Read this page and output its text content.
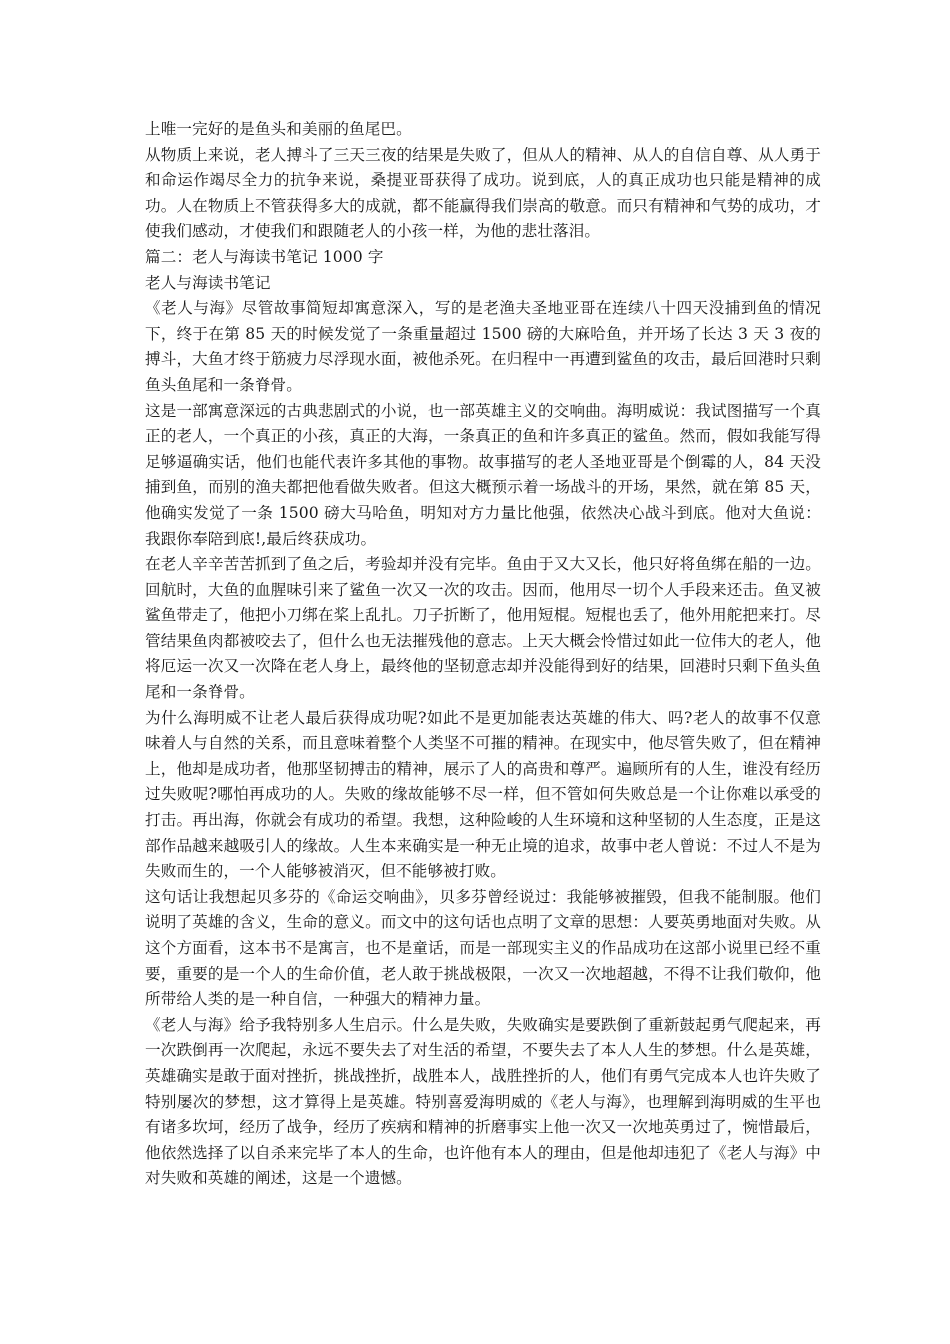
上唯一完好的是鱼头和美丽的鱼尾巴。

从物质上来说，老人搏斗了三天三夜的结果是失败了，但从人的精神、从人的自信自尊、从人勇于和命运作竭尽全力的抗争来说，桑提亚哥获得了成功。说到底，人的真正成功也只能是精神的成功。人在物质上不管获得多大的成就，都不能赢得我们崇高的敬意。而只有精神和气势的成功，才使我们感动，才使我们和跟随老人的小孩一样，为他的悲壮落泪。

篇二：老人与海读书笔记 1000 字

老人与海读书笔记

《老人与海》尽管故事简短却寓意深入，写的是老渔夫圣地亚哥在连续八十四天没捕到鱼的情况下，终于在第 85 天的时候发觉了一条重量超过 1500 磅的大麻哈鱼，并开场了长达 3 天 3 夜的搏斗，大鱼才终于筋疲力尽浮现水面，被他杀死。在归程中一再遭到鲨鱼的攻击，最后回港时只剩鱼头鱼尾和一条脊骨。

这是一部寓意深远的古典悲剧式的小说，也一部英雄主义的交响曲。海明威说：我试图描写一个真正的老人，一个真正的小孩，真正的大海，一条真正的鱼和许多真正的鲨鱼。然而，假如我能写得足够逼确实话，他们也能代表许多其他的事物。故事描写的老人圣地亚哥是个倒霉的人，84 天没捕到鱼，而别的渔夫都把他看做失败者。但这大概预示着一场战斗的开场，果然，就在第 85 天，他确实发觉了一条 1500 磅大马哈鱼，明知对方力量比他强，依然决心战斗到底。他对大鱼说：我跟你奉陪到底!,最后终获成功。

在老人辛辛苦苦抓到了鱼之后，考验却并没有完毕。鱼由于又大又长，他只好将鱼绑在船的一边。回航时，大鱼的血腥味引来了鲨鱼一次又一次的攻击。因而，他用尽一切个人手段来还击。鱼叉被鲨鱼带走了，他把小刀绑在桨上乱扎。刀子折断了，他用短棍。短棍也丢了，他外用舵把来打。尽管结果鱼肉都被咬去了，但什么也无法摧残他的意志。上天大概会怜惜过如此一位伟大的老人，他将厄运一次又一次降在老人身上，最终他的坚韧意志却并没能得到好的结果，回港时只剩下鱼头鱼尾和一条脊骨。

为什么海明威不让老人最后获得成功呢?如此不是更加能表达英雄的伟大、吗?老人的故事不仅意味着人与自然的关系，而且意味着整个人类坚不可摧的精神。在现实中，他尽管失败了，但在精神上，他却是成功者，他那坚韧搏击的精神，展示了人的高贵和尊严。遍顾所有的人生，谁没有经历过失败呢?哪怕再成功的人。失败的缘故能够不尽一样，但不管如何失败总是一个让你难以承受的打击。再出海，你就会有成功的希望。我想，这种险峻的人生环境和这种坚韧的人生态度，正是这部作品越来越吸引人的缘故。人生本来确实是一种无止境的追求，故事中老人曾说：不过人不是为失败而生的，一个人能够被消灭，但不能够被打败。

这句话让我想起贝多芬的《命运交响曲》，贝多芬曾经说过：我能够被摧毁，但我不能制服。他们说明了英雄的含义，生命的意义。而文中的这句话也点明了文章的思想：人要英勇地面对失败。从这个方面看，这本书不是寓言，也不是童话，而是一部现实主义的作品成功在这部小说里已经不重要，重要的是一个人的生命价值，老人敢于挑战极限，一次又一次地超越，不得不让我们敬仰，他所带给人类的是一种自信，一种强大的精神力量。

《老人与海》给予我特别多人生启示。什么是失败，失败确实是要跌倒了重新鼓起勇气爬起来，再一次跌倒再一次爬起，永远不要失去了对生活的希望，不要失去了本人人生的梦想。什么是英雄，英雄确实是敢于面对挫折，挑战挫折，战胜本人，战胜挫折的人，他们有勇气完成本人也许失败了特别屡次的梦想，这才算得上是英雄。特别喜爱海明威的《老人与海》，也理解到海明威的生平也有诸多坎坷，经历了战争，经历了疾病和精神的折磨事实上他一次又一次地英勇过了，惋惜最后，他依然选择了以自杀来完毕了本人的生命，也许他有本人的理由，但是他却违犯了《老人与海》中对失败和英雄的阐述，这是一个遗憾。
